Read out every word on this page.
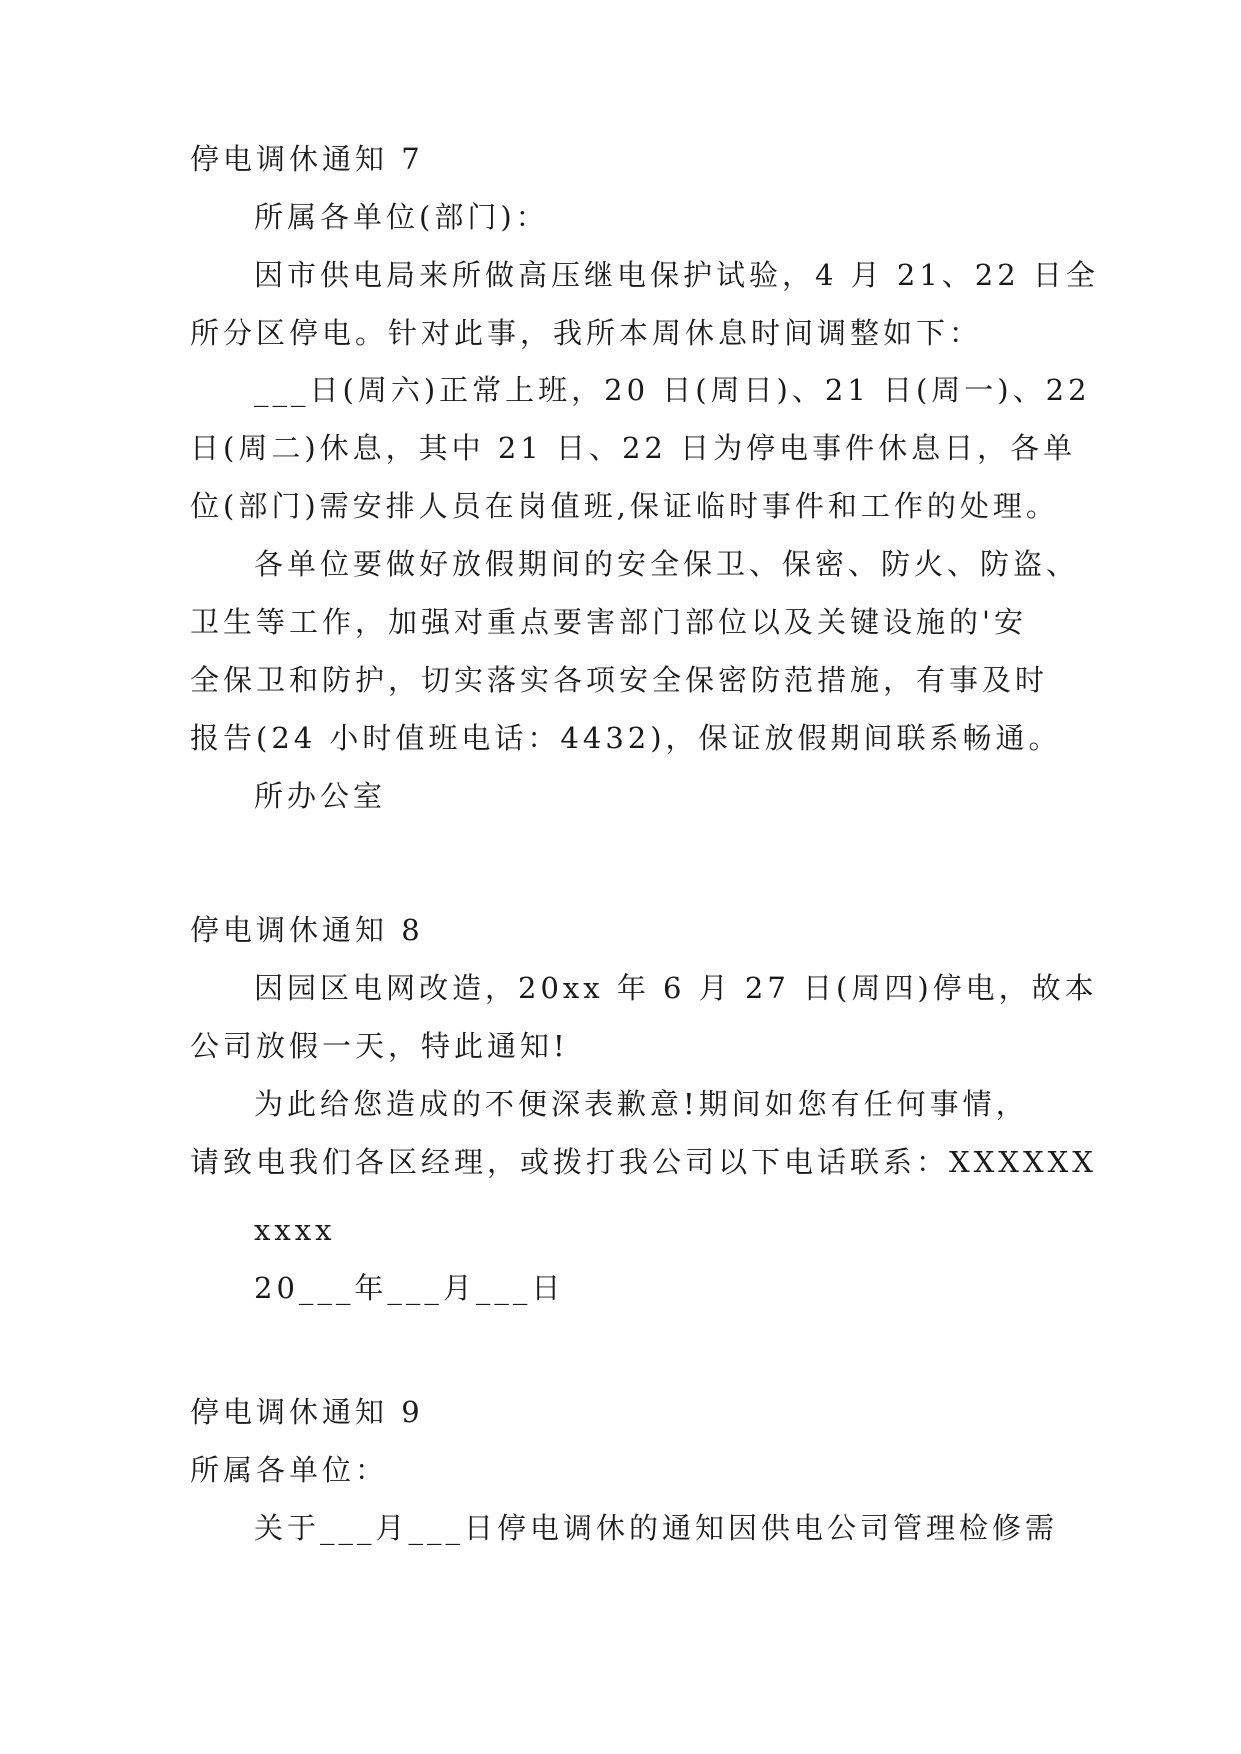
停电调休通知 7
所属各单位(部门)：
因市供电局来所做高压继电保护试验，4 月 21、22 日全
所分区停电。针对此事，我所本周休息时间调整如下：
___日(周六)正常上班，20 日(周日)、21 日(周一)、22
日(周二)休息，其中 21 日、22 日为停电事件休息日，各单
位(部门)需安排人员在岗值班,保证临时事件和工作的处理。
各单位要做好放假期间的安全保卫、保密、防火、防盗、
卫生等工作，加强对重点要害部门部位以及关键设施的'安
全保卫和防护，切实落实各项安全保密防范措施，有事及时
报告(24 小时值班电话：4432)，保证放假期间联系畅通。
所办公室
停电调休通知 8
因园区电网改造，20xx 年 6 月 27 日(周四)停电，故本
公司放假一天，特此通知!
为此给您造成的不便深表歉意!期间如您有任何事情，
请致电我们各区经理，或拨打我公司以下电话联系：XXXXXX
xxxx
20___年___月___日
停电调休通知 9
所属各单位：
关于___月___日停电调休的通知因供电公司管理检修需
